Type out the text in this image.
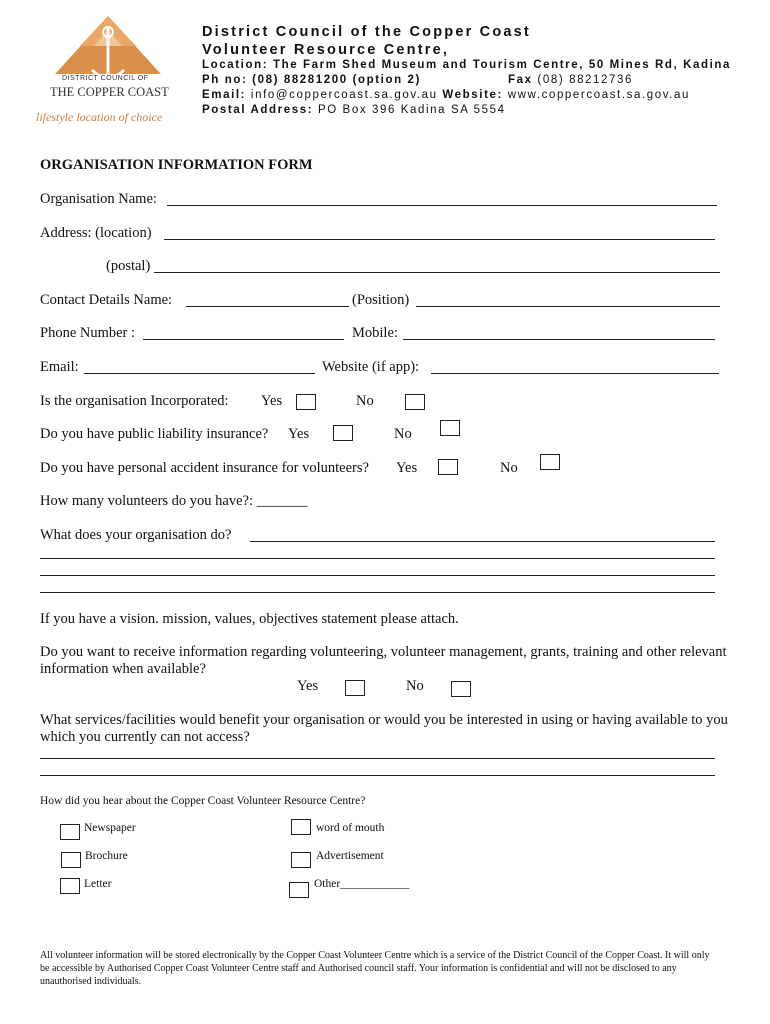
DISTRICT COUNCIL OF
THE COPPER COAST
lifestyle location of choice
District Council of the Copper Coast
Volunteer Resource Centre,
Location: The Farm Shed Museum and Tourism Centre, 50 Mines Rd, Kadina
Ph no: (08) 88281200 (option 2)	Fax (08) 88212736
Email: info@coppercoast.sa.gov.au Website: www.coppercoast.sa.gov.au
Postal Address: PO Box 396 Kadina SA 5554
ORGANISATION INFORMATION FORM
Organisation Name:
Address: (location)
(postal)
Contact Details Name:	(Position)
Phone Number :	Mobile:
Email:	Website (if app):
Is the organisation Incorporated: Yes	No
Do you have public liability insurance? Yes	No
Do you have personal accident insurance for volunteers? Yes	No
How many volunteers do you have?: _______
What does your organisation do?
If you have a vision. mission, values, objectives statement please attach.
Do you want to receive information regarding volunteering, volunteer management, grants, training and other relevant information when available?
Yes	No
What services/facilities would benefit your organisation or would you be interested in using or having available to you which you currently can not access?
How did you hear about the Copper Coast Volunteer Resource Centre?
Newspaper	word of mouth
Brochure	Advertisement
Letter	Other____________
All volunteer information will be stored electronically by the Copper Coast Volunteer Centre which is a service of the District Council of the Copper Coast. It will only be accessible by Authorised Copper Coast Volunteer Centre staff and Authorised council staff. Your information is confidential and will not be disclosed to any unauthorised individuals.
